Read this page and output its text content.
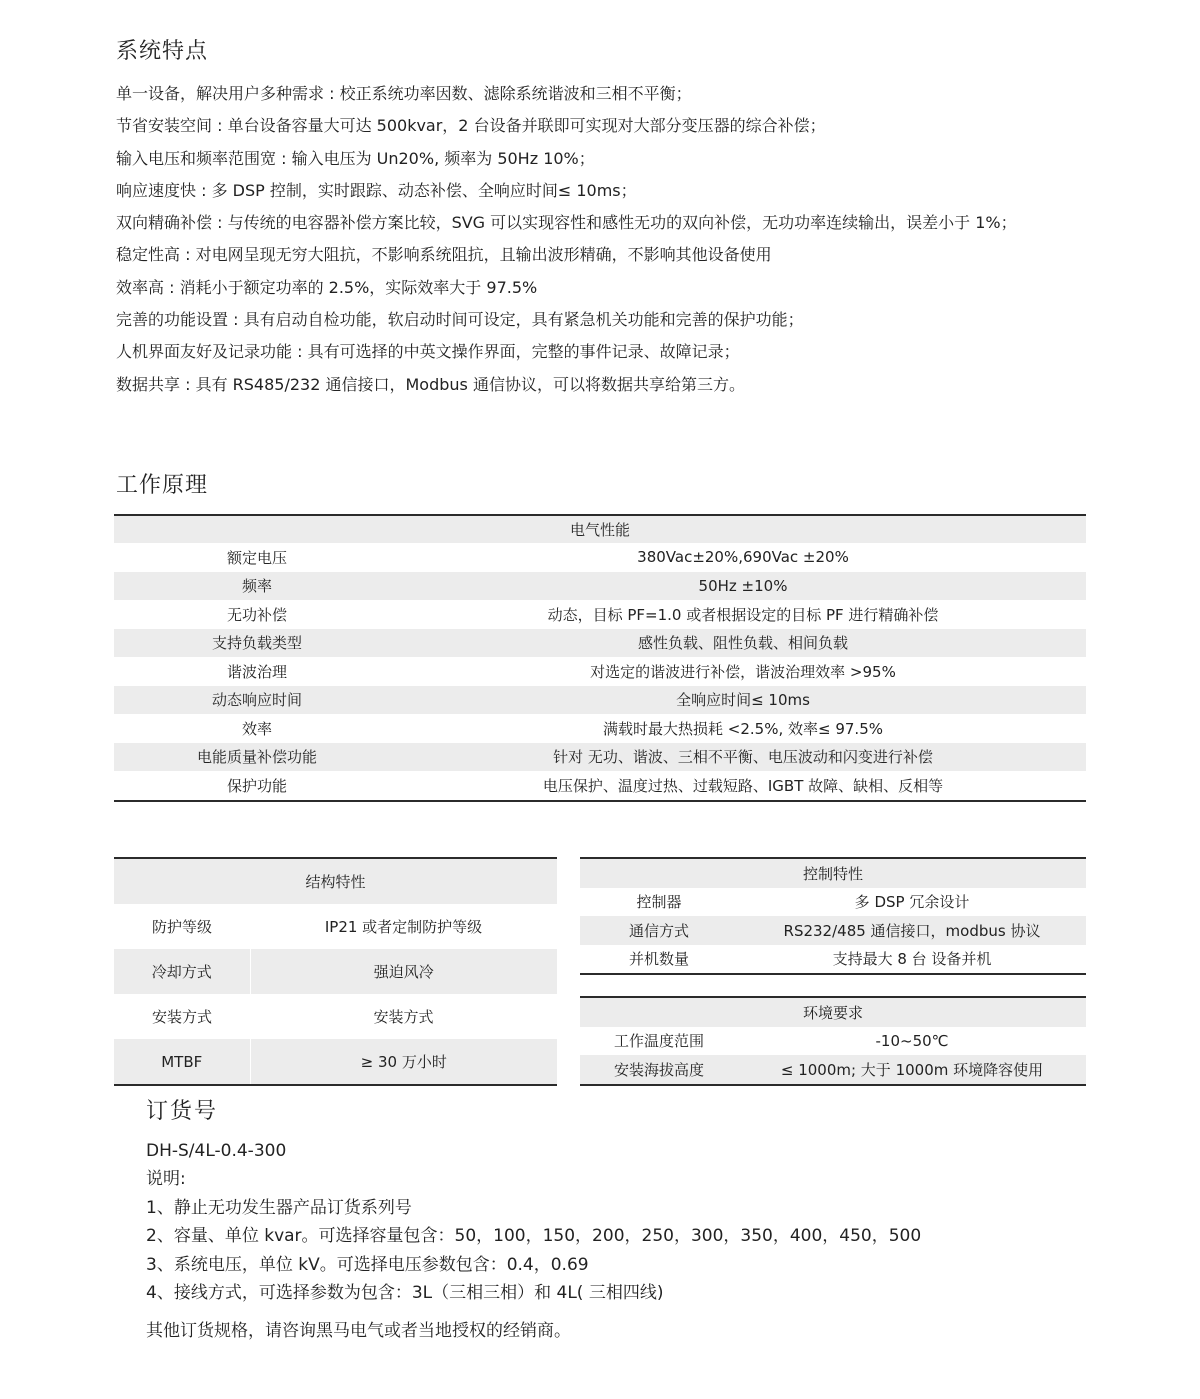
系统特点
单一设备，解决用户多种需求 : 校正系统功率因数、滤除系统谐波和三相不平衡；
节省安装空间 : 单台设备容量大可达 500kvar，2 台设备并联即可实现对大部分变压器的综合补偿；
输入电压和频率范围宽 : 输入电压为 Un20%, 频率为 50Hz 10%；
响应速度快 : 多 DSP 控制，实时跟踪、动态补偿、全响应时间≤ 10ms；
双向精确补偿 : 与传统的电容器补偿方案比较，SVG 可以实现容性和感性无功的双向补偿，无功功率连续输出，误差小于 1%；
稳定性高 : 对电网呈现无穷大阻抗，不影响系统阻抗，且输出波形精确，不影响其他设备使用
效率高 : 消耗小于额定功率的 2.5%，实际效率大于 97.5%
完善的功能设置 : 具有启动自检功能，软启动时间可设定，具有紧急机关功能和完善的保护功能；
人机界面友好及记录功能 : 具有可选择的中英文操作界面，完整的事件记录、故障记录；
数据共享 : 具有 RS485/232 通信接口，Modbus 通信协议，可以将数据共享给第三方。
工作原理
电气性能	
额定电压	380Vac±20%,690Vac ±20%
频率	50Hz ±10%
无功补偿	动态，目标 PF=1.0 或者根据设定的目标 PF 进行精确补偿
支持负载类型	感性负载、阻性负载、相间负载
谐波治理	对选定的谐波进行补偿，谐波治理效率 >95%
动态响应时间	全响应时间≤ 10ms
效率	满载时最大热损耗 <2.5%, 效率≤ 97.5%
电能质量补偿功能	针对 无功、谐波、三相不平衡、电压波动和闪变进行补偿
保护功能	电压保护、温度过热、过载短路、IGBT 故障、缺相、反相等
结构特性	
防护等级	IP21 或者定制防护等级
冷却方式	强迫风冷
安装方式	安装方式
MTBF	≥ 30 万小时
控制特性	
控制器	多 DSP 冗余设计
通信方式	RS232/485 通信接口，modbus 协议
并机数量	支持最大 8 台 设备并机
环境要求	
工作温度范围	-10~50℃
安装海拔高度	≤ 1000m; 大于 1000m 环境降容使用
订货号
DH-S/4L-0.4-300
说明:
1、静止无功发生器产品订货系列号
2、容量、单位 kvar。可选择容量包含：50，100，150，200，250，300，350，400，450，500
3、系统电压，单位 kV。可选择电压参数包含：0.4，0.69
4、接线方式，可选择参数为包含：3L（三相三相）和 4L( 三相四线)
其他订货规格，请咨询黑马电气或者当地授权的经销商。
